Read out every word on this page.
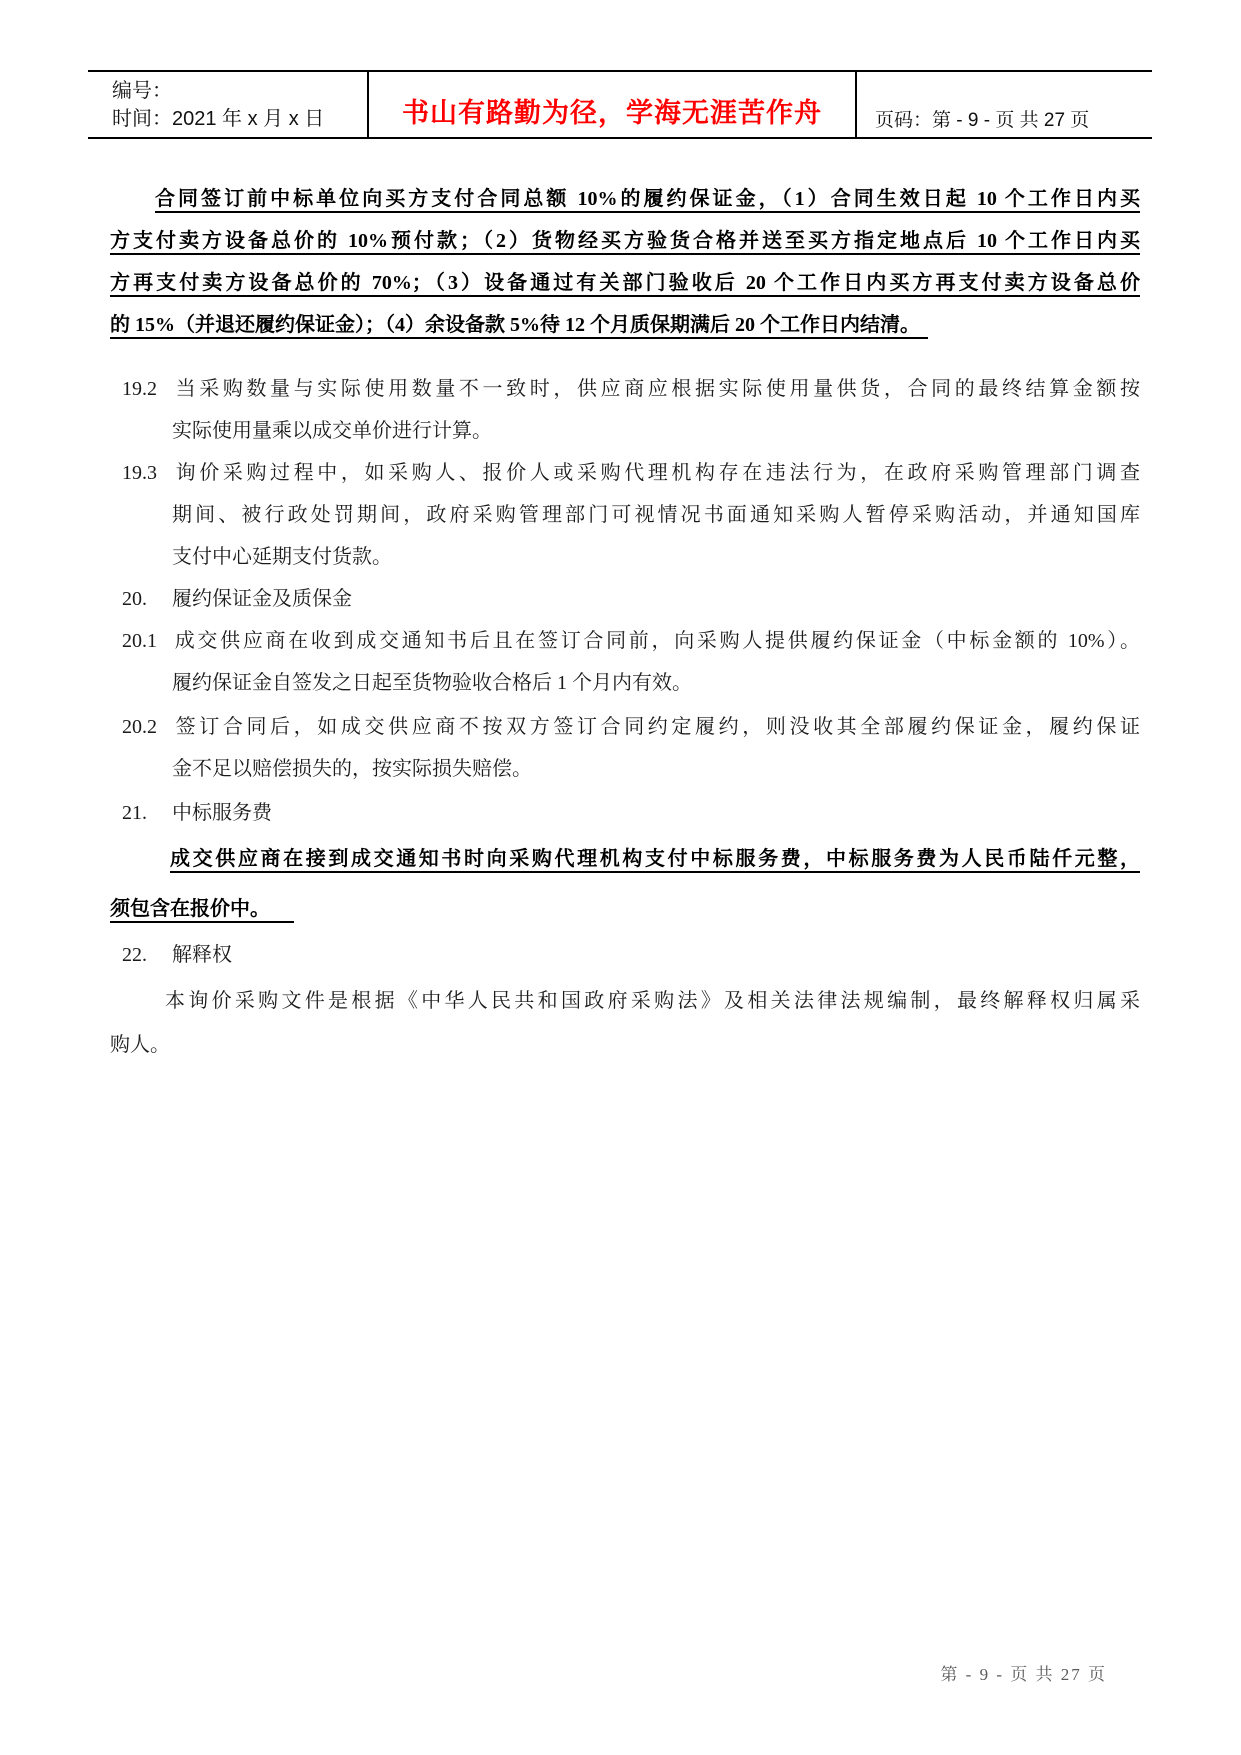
编号：
时间：2021 年 x 月 x 日	书山有路勤为径，学海无涯苦作舟	页码：第 - 9 - 页 共 27 页
合同签订前中标单位向买方支付合同总额 10%的履约保证金，（1）合同生效日起 10 个工作日内买
方支付卖方设备总价的 10%预付款；（2）货物经买方验货合格并送至买方指定地点后 10 个工作日内买
方再支付卖方设备总价的 70%；（3）设备通过有关部门验收后 20 个工作日内买方再支付卖方设备总价
的 15%（并退还履约保证金）；（4）余设备款 5%待 12 个月质保期满后 20 个工作日内结清。
19.2 当采购数量与实际使用数量不一致时，供应商应根据实际使用量供货，合同的最终结算金额按
实际使用量乘以成交单价进行计算。
19.3 询价采购过程中，如采购人、报价人或采购代理机构存在违法行为，在政府采购管理部门调查
期间、被行政处罚期间，政府采购管理部门可视情况书面通知采购人暂停采购活动，并通知国库
支付中心延期支付货款。
20. 履约保证金及质保金
20.1 成交供应商在收到成交通知书后且在签订合同前，向采购人提供履约保证金（中标金额的 10%）。
履约保证金自签发之日起至货物验收合格后 1 个月内有效。
20.2 签订合同后，如成交供应商不按双方签订合同约定履约，则没收其全部履约保证金，履约保证
金不足以赔偿损失的，按实际损失赔偿。
21. 中标服务费
成交供应商在接到成交通知书时向采购代理机构支付中标服务费，中标服务费为人民币陆仟元整，
须包含在报价中。
22. 解释权
本询价采购文件是根据《中华人民共和国政府采购法》及相关法律法规编制，最终解释权归属采
购人。
第 - 9 - 页 共 27 页
